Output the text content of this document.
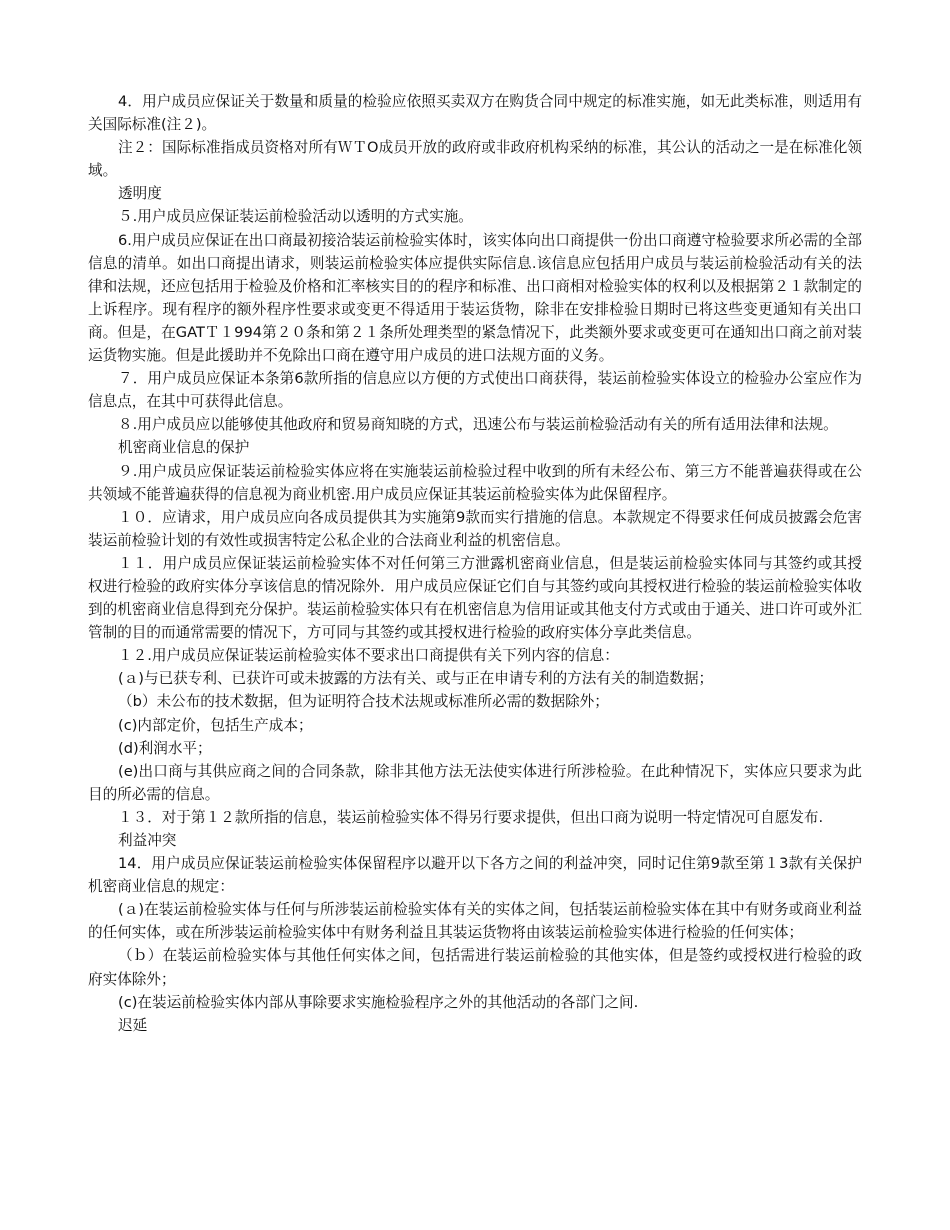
4．用户成员应保证关于数量和质量的检验应依照买卖双方在购货合同中规定的标准实施，如无此类标准，则适用有关国际标准(注２)。

注２：国际标准指成员资格对所有ＷＴO成员开放的政府或非政府机构采纳的标准，其公认的活动之一是在标准化领域。

透明度

５.用户成员应保证装运前检验活动以透明的方式实施。

6.用户成员应保证在出口商最初接洽装运前检验实体时，该实体向出口商提供一份出口商遵守检验要求所必需的全部信息的清单。如出口商提出请求，则装运前检验实体应提供实际信息.该信息应包括用户成员与装运前检验活动有关的法律和法规，还应包括用于检验及价格和汇率核实目的的程序和标准、出口商相对检验实体的权利以及根据第２１款制定的上诉程序。现有程序的额外程序性要求或变更不得适用于装运货物，除非在安排检验日期时已将这些变更通知有关出口商。但是，在GATＴ１994第２０条和第２１条所处理类型的紧急情况下，此类额外要求或变更可在通知出口商之前对装运货物实施。但是此援助并不免除出口商在遵守用户成员的进口法规方面的义务。

７．用户成员应保证本条第6款所指的信息应以方便的方式使出口商获得，装运前检验实体设立的检验办公室应作为信息点，在其中可获得此信息。

８.用户成员应以能够使其他政府和贸易商知晓的方式，迅速公布与装运前检验活动有关的所有适用法律和法规。

机密商业信息的保护

９.用户成员应保证装运前检验实体应将在实施装运前检验过程中收到的所有未经公布、第三方不能普遍获得或在公共领域不能普遍获得的信息视为商业机密.用户成员应保证其装运前检验实体为此保留程序。

１０．应请求，用户成员应向各成员提供其为实施第9款而实行措施的信息。本款规定不得要求任何成员披露会危害装运前检验计划的有效性或损害特定公私企业的合法商业利益的机密信息。

１１．用户成员应保证装运前检验实体不对任何第三方泄露机密商业信息，但是装运前检验实体同与其签约或其授权进行检验的政府实体分享该信息的情况除外．用户成员应保证它们自与其签约或向其授权进行检验的装运前检验实体收到的机密商业信息得到充分保护。装运前检验实体只有在机密信息为信用证或其他支付方式或由于通关、进口许可或外汇管制的目的而通常需要的情况下，方可同与其签约或其授权进行检验的政府实体分享此类信息。

１２.用户成员应保证装运前检验实体不要求出口商提供有关下列内容的信息：

(ａ)与已获专利、已获许可或未披露的方法有关、或与正在申请专利的方法有关的制造数据；

（b）未公布的技术数据，但为证明符合技术法规或标准所必需的数据除外；

(c)内部定价，包括生产成本；

(d)利润水平；

(e)出口商与其供应商之间的合同条款，除非其他方法无法使实体进行所涉检验。在此种情况下，实体应只要求为此目的所必需的信息。

１３．对于第１２款所指的信息，装运前检验实体不得另行要求提供，但出口商为说明一特定情况可自愿发布.

利益冲突

14．用户成员应保证装运前检验实体保留程序以避开以下各方之间的利益冲突，同时记住第9款至第１3款有关保护机密商业信息的规定：

(ａ)在装运前检验实体与任何与所涉装运前检验实体有关的实体之间，包括装运前检验实体在其中有财务或商业利益的任何实体，或在所涉装运前检验实体中有财务利益且其装运货物将由该装运前检验实体进行检验的任何实体；

（ｂ）在装运前检验实体与其他任何实体之间，包括需进行装运前检验的其他实体，但是签约或授权进行检验的政府实体除外；

(c)在装运前检验实体内部从事除要求实施检验程序之外的其他活动的各部门之间.

迟延
